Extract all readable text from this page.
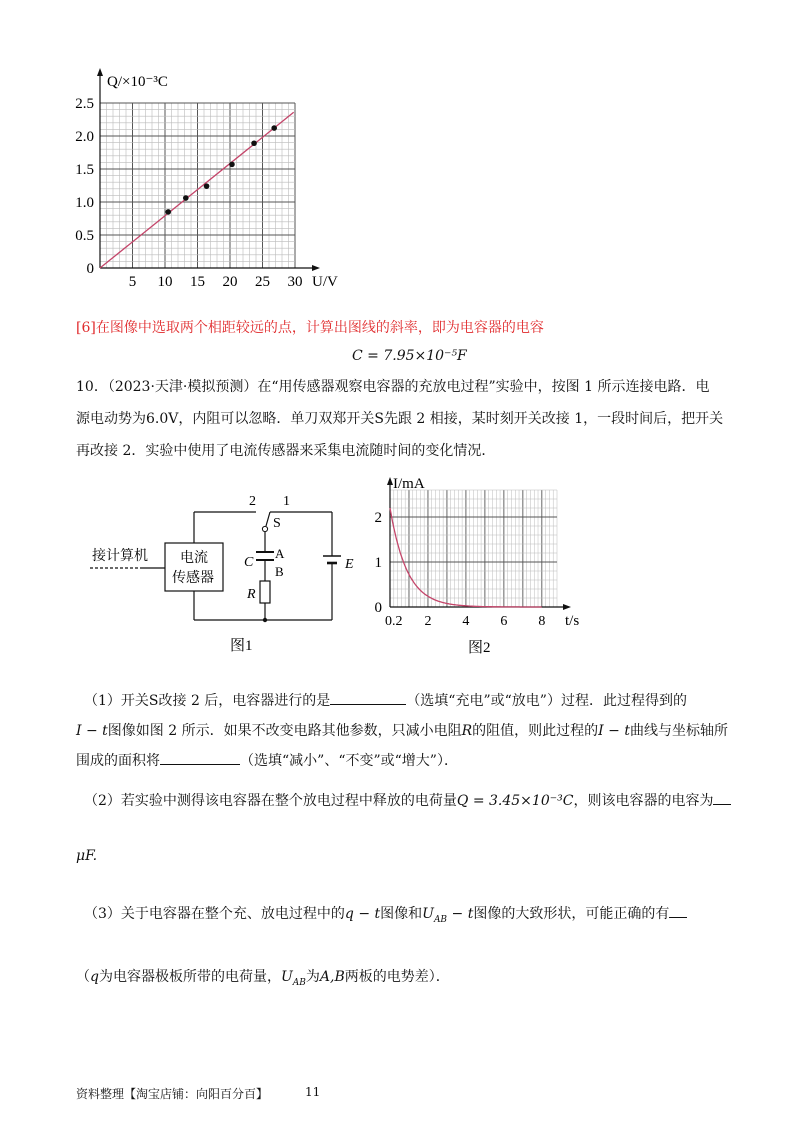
5 10 15 20 25 30
0
0.5
1.0
1.5
2.0
2.5
Q/×10⁻³C
U/V
[6]在图像中选取两个相距较远的点，计算出图线的斜率，即为电容器的电容
C = 7.95×10⁻⁵F
10．（2023·天津·模拟预测）在“用传感器观察电容器的充放电过程”实验中，按图 1 所示连接电路．电
源电动势为6.0V，内阻可以忽略．单刀双郑开关S先跟 2 相接，某时刻开关改接 1，一段时间后，把开关
再改接 2．实验中使用了电流传感器来采集电流随时间的变化情况．
接计算机 电流
传感器
2 1
S
C
A
B
R
E
图1
0.2 2 4 6 8
0
1
2
I/mA
t/s
图2
（1）开关S改接 2 后，电容器进行的是	（选填“充电”或“放电”）过程．此过程得到的
I − t图像如图 2 所示．如果不改变电路其他参数，只减小电阻R的阻值，则此过程的I − t曲线与坐标轴所
围成的面积将	（选填“减小”、“不变”或“增大”）．
（2）若实验中测得该电容器在整个放电过程中释放的电荷量Q = 3.45×10⁻³C，则该电容器的电容为
μF.
（3）关于电容器在整个充、放电过程中的q − t图像和$U_{AB} - t$图像的大致形状，可能正确的有
（q为电容器极板所带的电荷量，$U_{AB}$为A,B两板的电势差）．
资料整理【淘宝店铺：向阳百分百】	11
